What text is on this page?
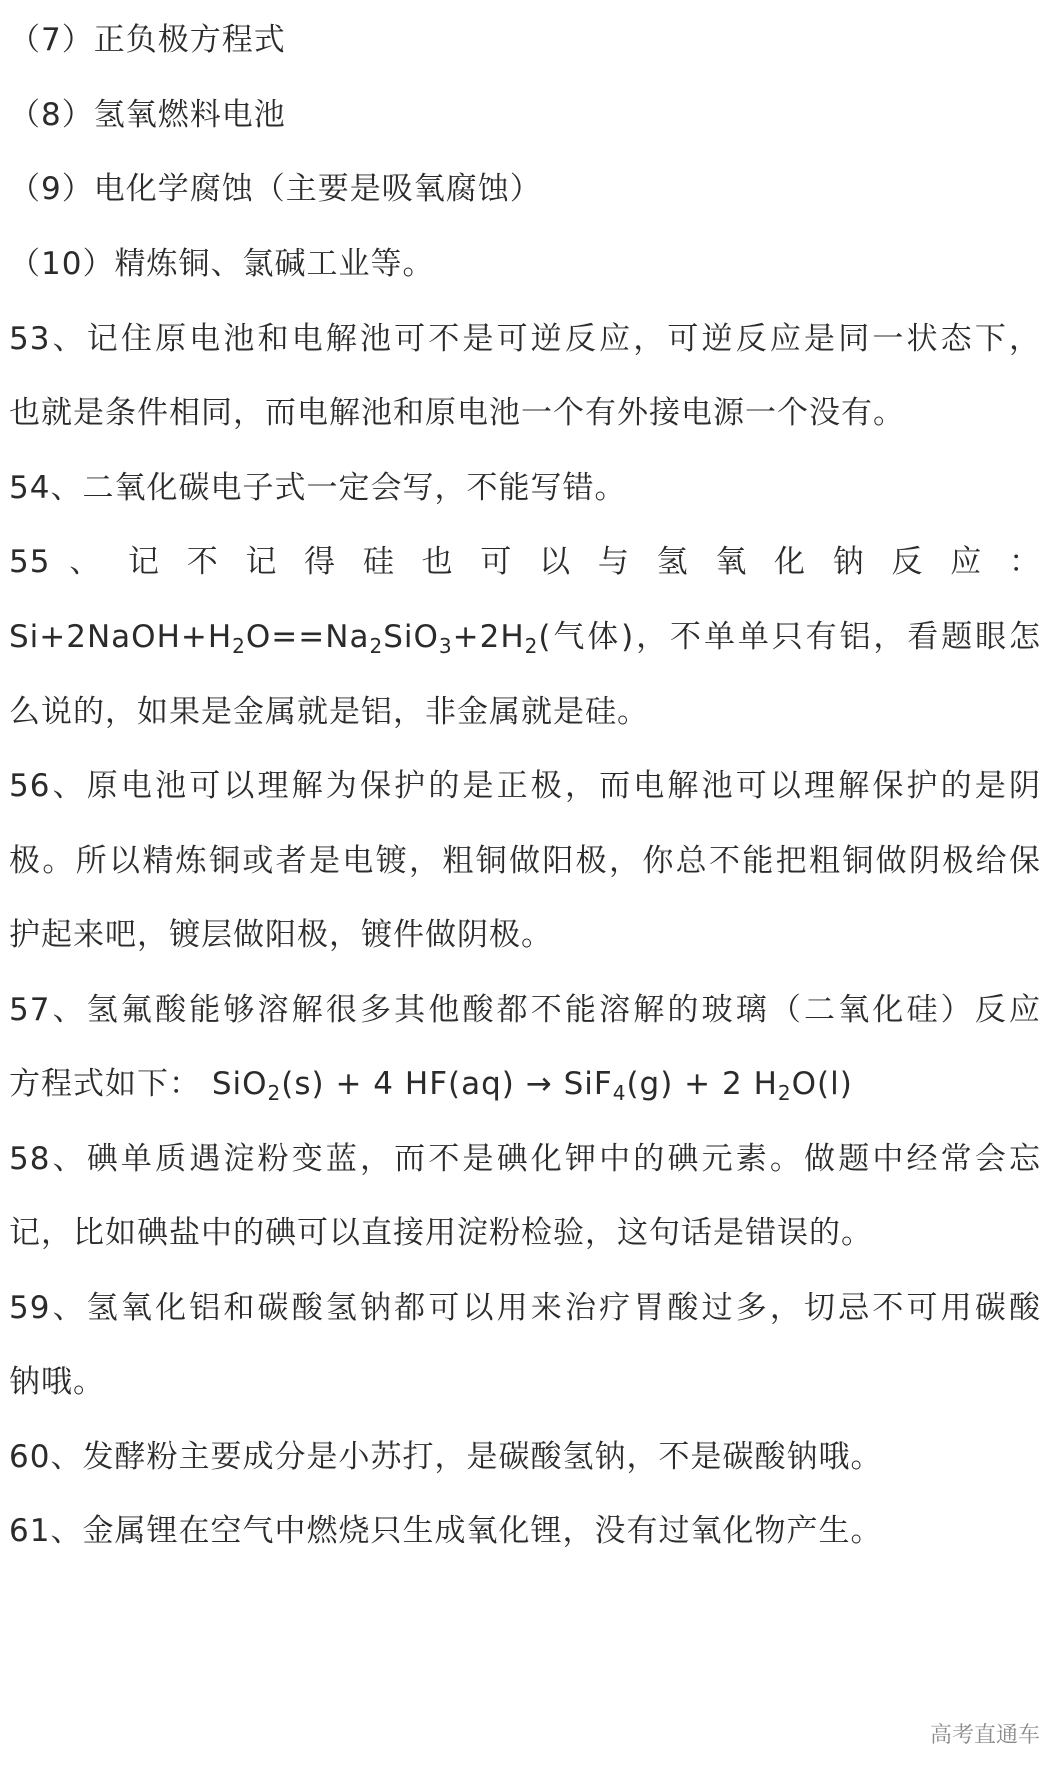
（7）正负极方程式
（8）氢氧燃料电池
（9）电化学腐蚀（主要是吸氧腐蚀）
（10）精炼铜、氯碱工业等。
53、记住原电池和电解池可不是可逆反应，可逆反应是同一状态下，
也就是条件相同，而电解池和原电池一个有外接电源一个没有。
54、二氧化碳电子式一定会写，不能写错。
55 、 记 不 记 得 硅 也 可 以 与 氢 氧 化 钠 反 应 ：
$Si+2NaOH+H_2O==Na_2SiO_3+2H_2$(气体)，不单单只有铝，看题眼怎
么说的，如果是金属就是铝，非金属就是硅。
56、原电池可以理解为保护的是正极，而电解池可以理解保护的是阴
极。所以精炼铜或者是电镀，粗铜做阳极，你总不能把粗铜做阴极给保
护起来吧，镀层做阳极，镀件做阴极。
57、氢氟酸能够溶解很多其他酸都不能溶解的玻璃（二氧化硅）反应
方程式如下： SiO$_2$(s) + 4 HF(aq) → SiF$_4$(g) + 2 $H_2O(l)$
58、碘单质遇淀粉变蓝，而不是碘化钾中的碘元素。做题中经常会忘
记，比如碘盐中的碘可以直接用淀粉检验，这句话是错误的。
59、氢氧化铝和碳酸氢钠都可以用来治疗胃酸过多，切忌不可用碳酸
钠哦。
60、发酵粉主要成分是小苏打，是碳酸氢钠，不是碳酸钠哦。
61、金属锂在空气中燃烧只生成氧化锂，没有过氧化物产生。
高考直通车
